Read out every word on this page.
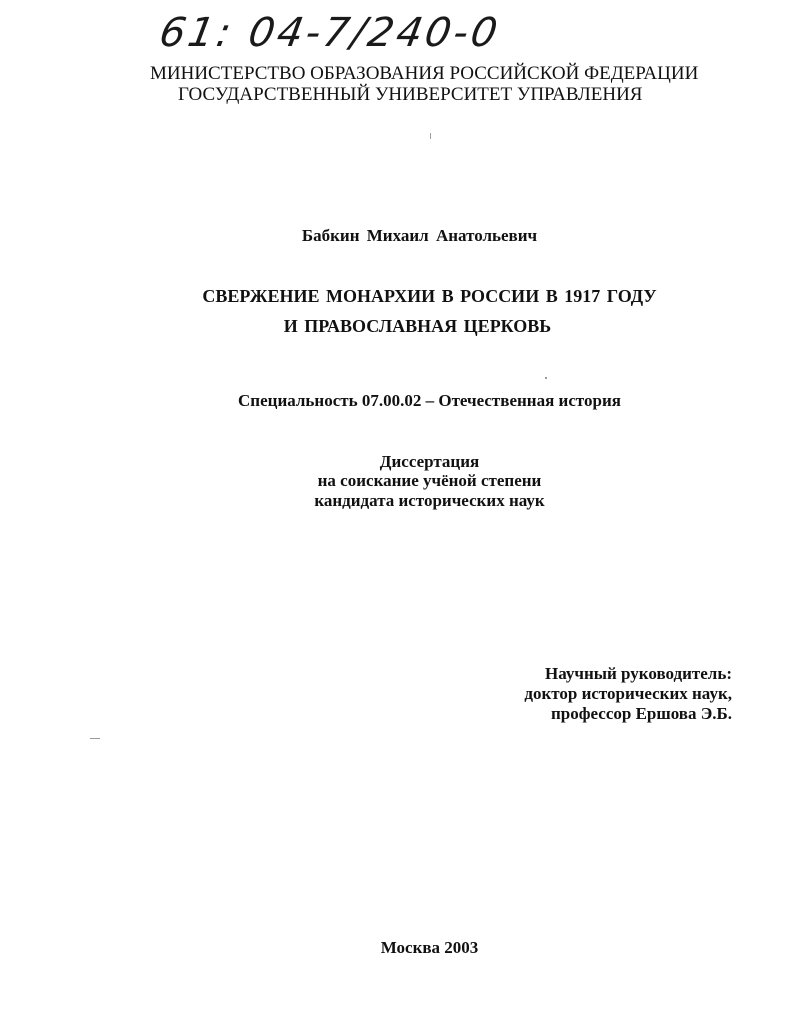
61: 04-7/240-0
МИНИСТЕРСТВО ОБРАЗОВАНИЯ РОССИЙСКОЙ ФЕДЕРАЦИИ
ГОСУДАРСТВЕННЫЙ УНИВЕРСИТЕТ УПРАВЛЕНИЯ
Бабкин Михаил Анатольевич
СВЕРЖЕНИЕ МОНАРХИИ В РОССИИ В 1917 ГОДУ
И ПРАВОСЛАВНАЯ ЦЕРКОВЬ
Специальность 07.00.02 – Отечественная история
Диссертация
на соискание учёной степени
кандидата исторических наук
Научный руководитель:
доктор исторических наук,
профессор Ершова Э.Б.
Москва 2003
